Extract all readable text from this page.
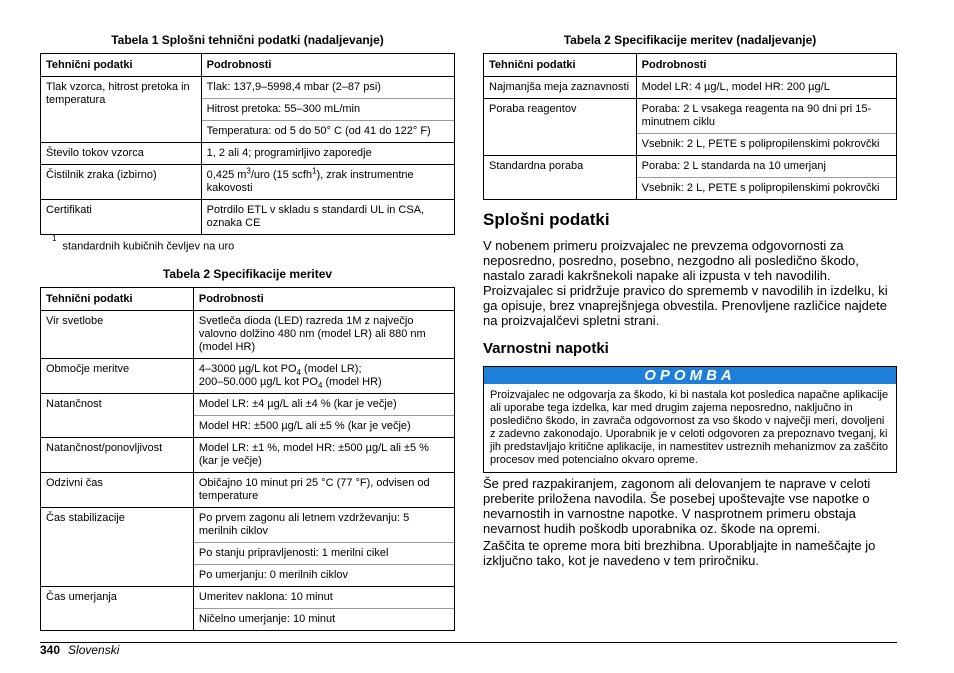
Tabela 1 Splošni tehnični podatki (nadaljevanje)
Tehnični podatki	Podrobnosti

Tlak vzorca, hitrost pretoka in temperatura	Tlak: 137,9–5998,4 mbar (2–87 psi)
Hitrost pretoka: 55–300 mL/min
Temperatura: od 5 do 50° C (od 41 do 122° F)

Število tokov vzorca	1, 2 ali 4; programirljivo zaporedje

Čistilnik zraka (izbirno)	0,425 $m^3$/uro (15 scfh$^1$), zrak instrumentne kakovosti

Certifikati	Potrdilo ETL v skladu s standardi UL in CSA, oznaka CE
$^1$standardnih kubičnih čevljev na uro
Tabela 2 Specifikacije meritev
Tehnični podatki	Podrobnosti

Vir svetlobe	Svetleča dioda (LED) razreda 1M z največjo valovno dolžino 480 nm (model LR) ali 880 nm (model HR)

Območje meritve	4–3000 µg/L kot $PO_4$ (model LR);
200–50.000 µg/L kot $PO_4$ (model HR)

Natančnost	Model LR: ±4 µg/L ali ±4 % (kar je večje)
Model HR: ±500 µg/L ali ±5 % (kar je večje)

Natančnost/ponovljivost	Model LR: ±1 %, model HR: ±500 µg/L ali ±5 % (kar je večje)

Odzivni čas	Običajno 10 minut pri 25 °C (77 °F), odvisen od temperature

Čas stabilizacije	Po prvem zagonu ali letnem vzdrževanju: 5 merilnih ciklov
Po stanju pripravljenosti: 1 merilni cikel
Po umerjanju: 0 merilnih ciklov

Čas umerjanja	Umeritev naklona: 10 minut
Ničelno umerjanje: 10 minut
Tabela 2 Specifikacije meritev (nadaljevanje)
Tehnični podatki	Podrobnosti

Najmanjša meja zaznavnosti	Model LR: 4 µg/L, model HR: 200 µg/L

Poraba reagentov	Poraba: 2 L vsakega reagenta na 90 dni pri 15-minutnem ciklu
Vsebnik: 2 L, PETE s polipropilenskimi pokrovčki

Standardna poraba	Poraba: 2 L standarda na 10 umerjanj
Vsebnik: 2 L, PETE s polipropilenskimi pokrovčki
Splošni podatki

V nobenem primeru proizvajalec ne prevzema odgovornosti za neposredno, posredno, posebno, nezgodno ali posledično škodo, nastalo zaradi kakršnekoli napake ali izpusta v teh navodilih. Proizvajalec si pridržuje pravico do sprememb v navodilih in izdelku, ki ga opisuje, brez vnaprejšnjega obvestila. Prenovljene različice najdete na proizvajalčevi spletni strani.

Varnostni napotki
OPOMBA
Proizvajalec ne odgovarja za škodo, ki bi nastala kot posledica napačne aplikacije ali uporabe tega izdelka, kar med drugim zajema neposredno, naključno in posledično škodo, in zavrača odgovornost za vso škodo v največji meri, dovoljeni z zadevno zakonodajo. Uporabnik je v celoti odgovoren za prepoznavo tveganj, ki jih predstavljajo kritične aplikacije, in namestitev ustreznih mehanizmov za zaščito procesov med potencialno okvaro opreme.

Še pred razpakiranjem, zagonom ali delovanjem te naprave v celoti preberite priložena navodila. Še posebej upoštevajte vse napotke o nevarnostih in varnostne napotke. V nasprotnem primeru obstaja nevarnost hudih poškodb uporabnika oz. škode na opremi.

Zaščita te opreme mora biti brezhibna. Uporabljajte in nameščajte jo izključno tako, kot je navedeno v tem priročniku.

340 Slovenski
